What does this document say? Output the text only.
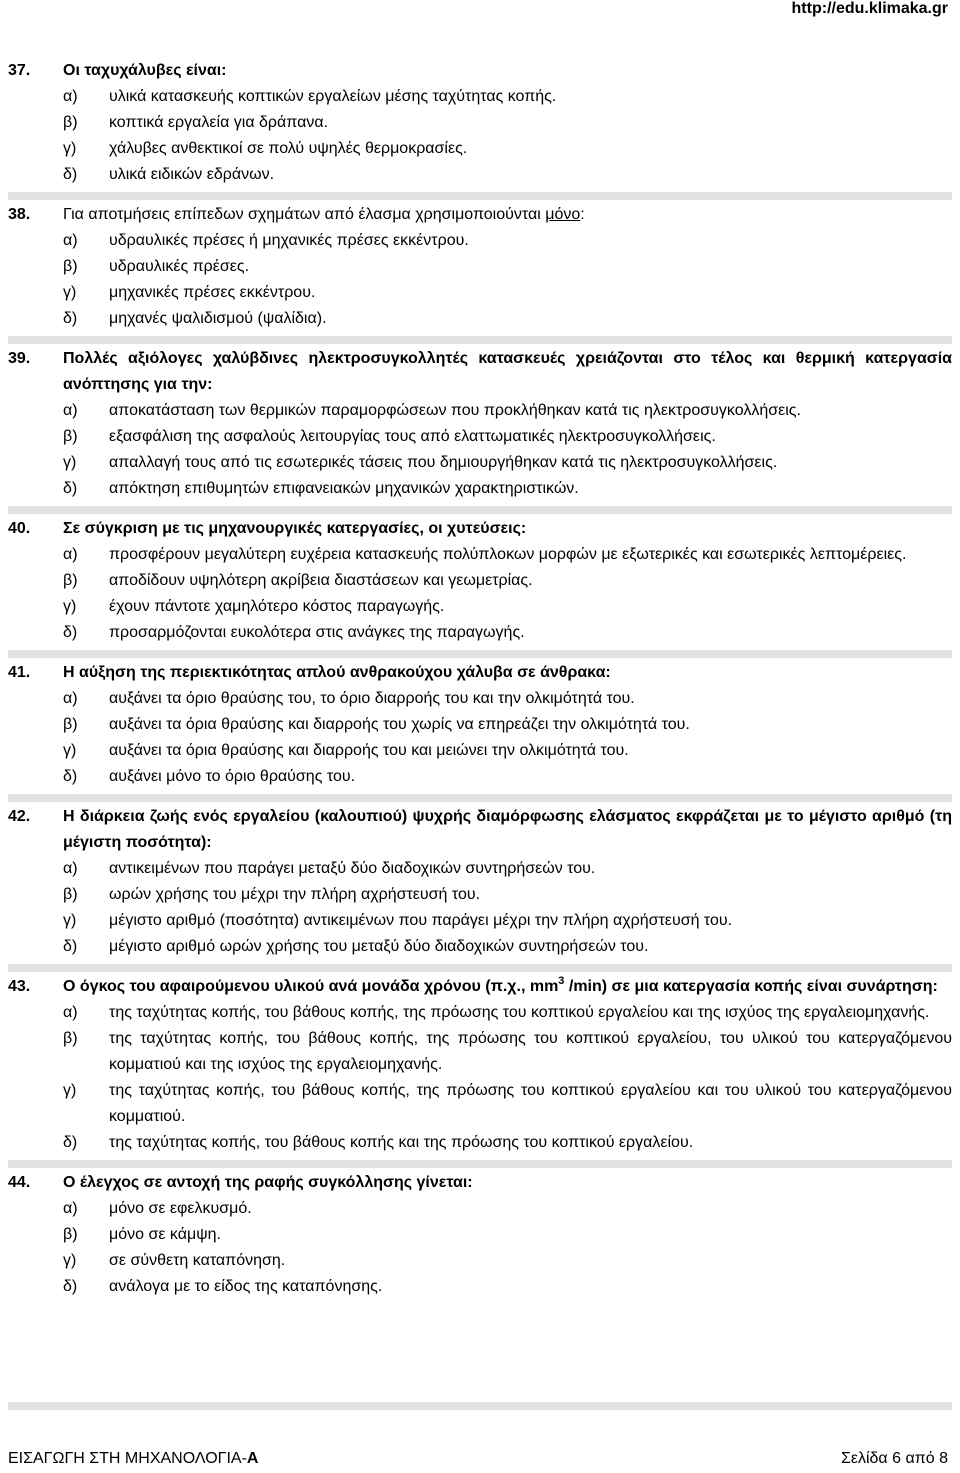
http://edu.klimaka.gr
37. Οι ταχυχάλυβες είναι:
α) υλικά κατασκευής κοπτικών εργαλείων μέσης ταχύτητας κοπής.
β) κοπτικά εργαλεία για δράπανα.
γ) χάλυβες ανθεκτικοί σε πολύ υψηλές θερμοκρασίες.
δ) υλικά ειδικών εδράνων.
38. Για αποτμήσεις επίπεδων σχημάτων από έλασμα χρησιμοποιούνται μόνο:
α) υδραυλικές πρέσες ή μηχανικές πρέσες εκκέντρου.
β) υδραυλικές πρέσες.
γ) μηχανικές πρέσες εκκέντρου.
δ) μηχανές ψαλιδισμού (ψαλίδια).
39. Πολλές αξιόλογες χαλύβδινες ηλεκτροσυγκολλητές κατασκευές χρειάζονται στο τέλος και θερμική κατεργασία ανόπτησης για την:
α) αποκατάσταση των θερμικών παραμορφώσεων που προκλήθηκαν κατά τις ηλεκτροσυγκολλήσεις.
β) εξασφάλιση της ασφαλούς λειτουργίας τους από ελαττωματικές ηλεκτροσυγκολλήσεις.
γ) απαλλαγή τους από τις εσωτερικές τάσεις που δημιουργήθηκαν κατά τις ηλεκτροσυγκολλήσεις.
δ) απόκτηση επιθυμητών επιφανειακών μηχανικών χαρακτηριστικών.
40. Σε σύγκριση με τις μηχανουργικές κατεργασίες, οι χυτεύσεις:
α) προσφέρουν μεγαλύτερη ευχέρεια κατασκευής πολύπλοκων μορφών με εξωτερικές και εσωτερικές λεπτομέρειες.
β) αποδίδουν υψηλότερη ακρίβεια διαστάσεων και γεωμετρίας.
γ) έχουν πάντοτε χαμηλότερο κόστος παραγωγής.
δ) προσαρμόζονται ευκολότερα στις ανάγκες της παραγωγής.
41. Η αύξηση της περιεκτικότητας απλού ανθρακούχου χάλυβα σε άνθρακα:
α) αυξάνει τα όριο θραύσης του, το όριο διαρροής του και την ολκιμότητά του.
β) αυξάνει τα όρια θραύσης και διαρροής του χωρίς να επηρεάζει την ολκιμότητά του.
γ) αυξάνει τα όρια θραύσης και διαρροής του και μειώνει την ολκιμότητά του.
δ) αυξάνει μόνο το όριο θραύσης του.
42. Η διάρκεια ζωής ενός εργαλείου (καλουπιού) ψυχρής διαμόρφωσης ελάσματος εκφράζεται με το μέγιστο αριθμό (τη μέγιστη ποσότητα):
α) αντικειμένων που παράγει μεταξύ δύο διαδοχικών συντηρήσεών του.
β) ωρών χρήσης του μέχρι την πλήρη αχρήστευσή του.
γ) μέγιστο αριθμό (ποσότητα) αντικειμένων που παράγει μέχρι την πλήρη αχρήστευσή του.
δ) μέγιστο αριθμό ωρών χρήσης του μεταξύ δύο διαδοχικών συντηρήσεών του.
43. Ο όγκος του αφαιρούμενου υλικού ανά μονάδα χρόνου (π.χ., $mm^3$ /min) σε μια κατεργασία κοπής είναι συνάρτηση:
α) της ταχύτητας κοπής, του βάθους κοπής, της πρόωσης του κοπτικού εργαλείου και της ισχύος της εργαλειομηχανής.
β) της ταχύτητας κοπής, του βάθους κοπής, της πρόωσης του κοπτικού εργαλείου, του υλικού του κατεργαζόμενου κομματιού και της ισχύος της εργαλειομηχανής.
γ) της ταχύτητας κοπής, του βάθους κοπής, της πρόωσης του κοπτικού εργαλείου και του υλικού του κατεργαζόμενου κομματιού.
δ) της ταχύτητας κοπής, του βάθους κοπής και της πρόωσης του κοπτικού εργαλείου.
44. Ο έλεγχος σε αντοχή της ραφής συγκόλλησης γίνεται:
α) μόνο σε εφελκυσμό.
β) μόνο σε κάμψη.
γ) σε σύνθετη καταπόνηση.
δ) ανάλογα με το είδος της καταπόνησης.
ΕΙΣΑΓΩΓΗ ΣΤΗ ΜΗΧΑΝΟΛΟΓΙΑ-Α	Σελίδα 6 από 8
